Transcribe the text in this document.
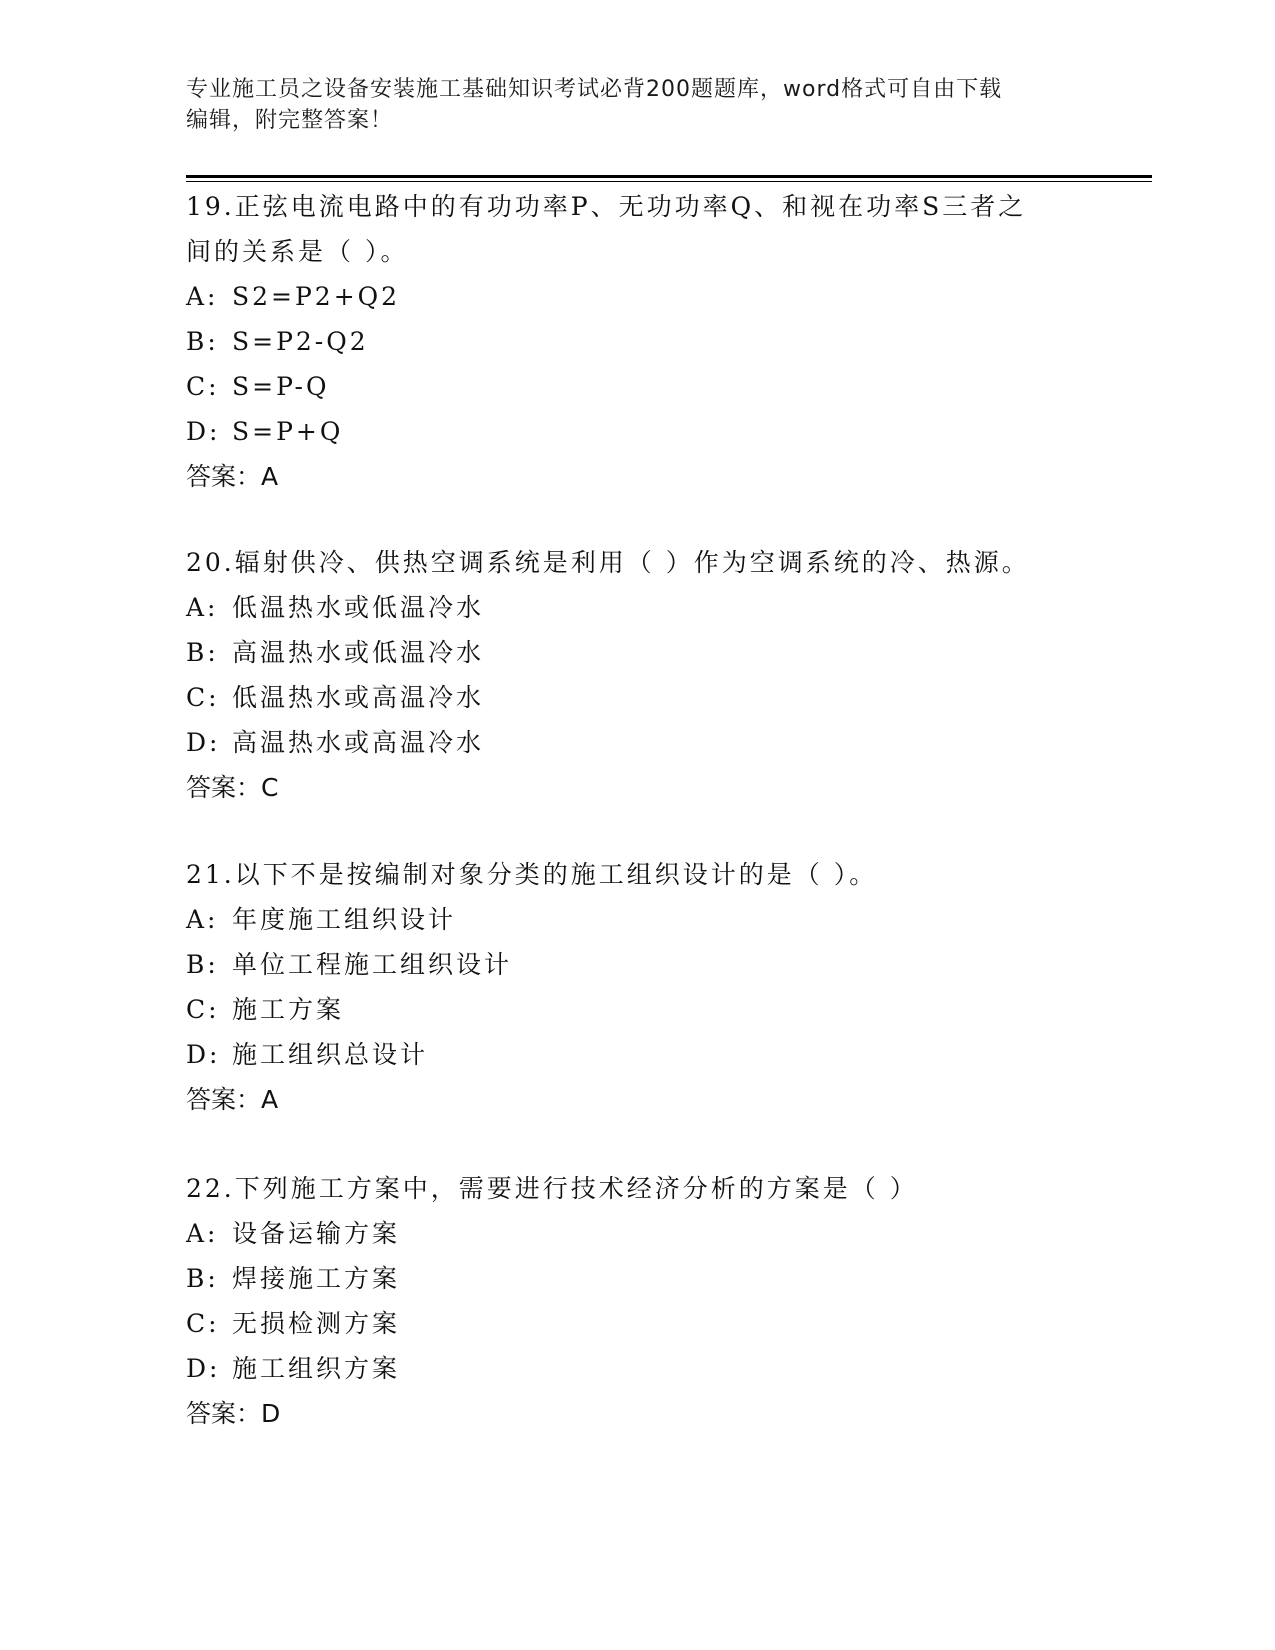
专业施工员之设备安装施工基础知识考试必背200题题库，word格式可自由下载
编辑，附完整答案！

19.正弦电流电路中的有功功率P、无功功率Q、和视在功率S三者之

间的关系是（ ）。

A: S2=P2+Q2

B: S=P2-Q2

C: S=P-Q

D: S=P+Q

答案：A

20.辐射供冷、供热空调系统是利用（ ）作为空调系统的冷、热源。

A: 低温热水或低温冷水

B: 高温热水或低温冷水

C: 低温热水或高温冷水

D: 高温热水或高温冷水

答案：C

21.以下不是按编制对象分类的施工组织设计的是（ ）。

A: 年度施工组织设计

B: 单位工程施工组织设计

C: 施工方案

D: 施工组织总设计

答案：A

22.下列施工方案中，需要进行技术经济分析的方案是（ ）

A: 设备运输方案

B: 焊接施工方案

C: 无损检测方案

D: 施工组织方案

答案：D
